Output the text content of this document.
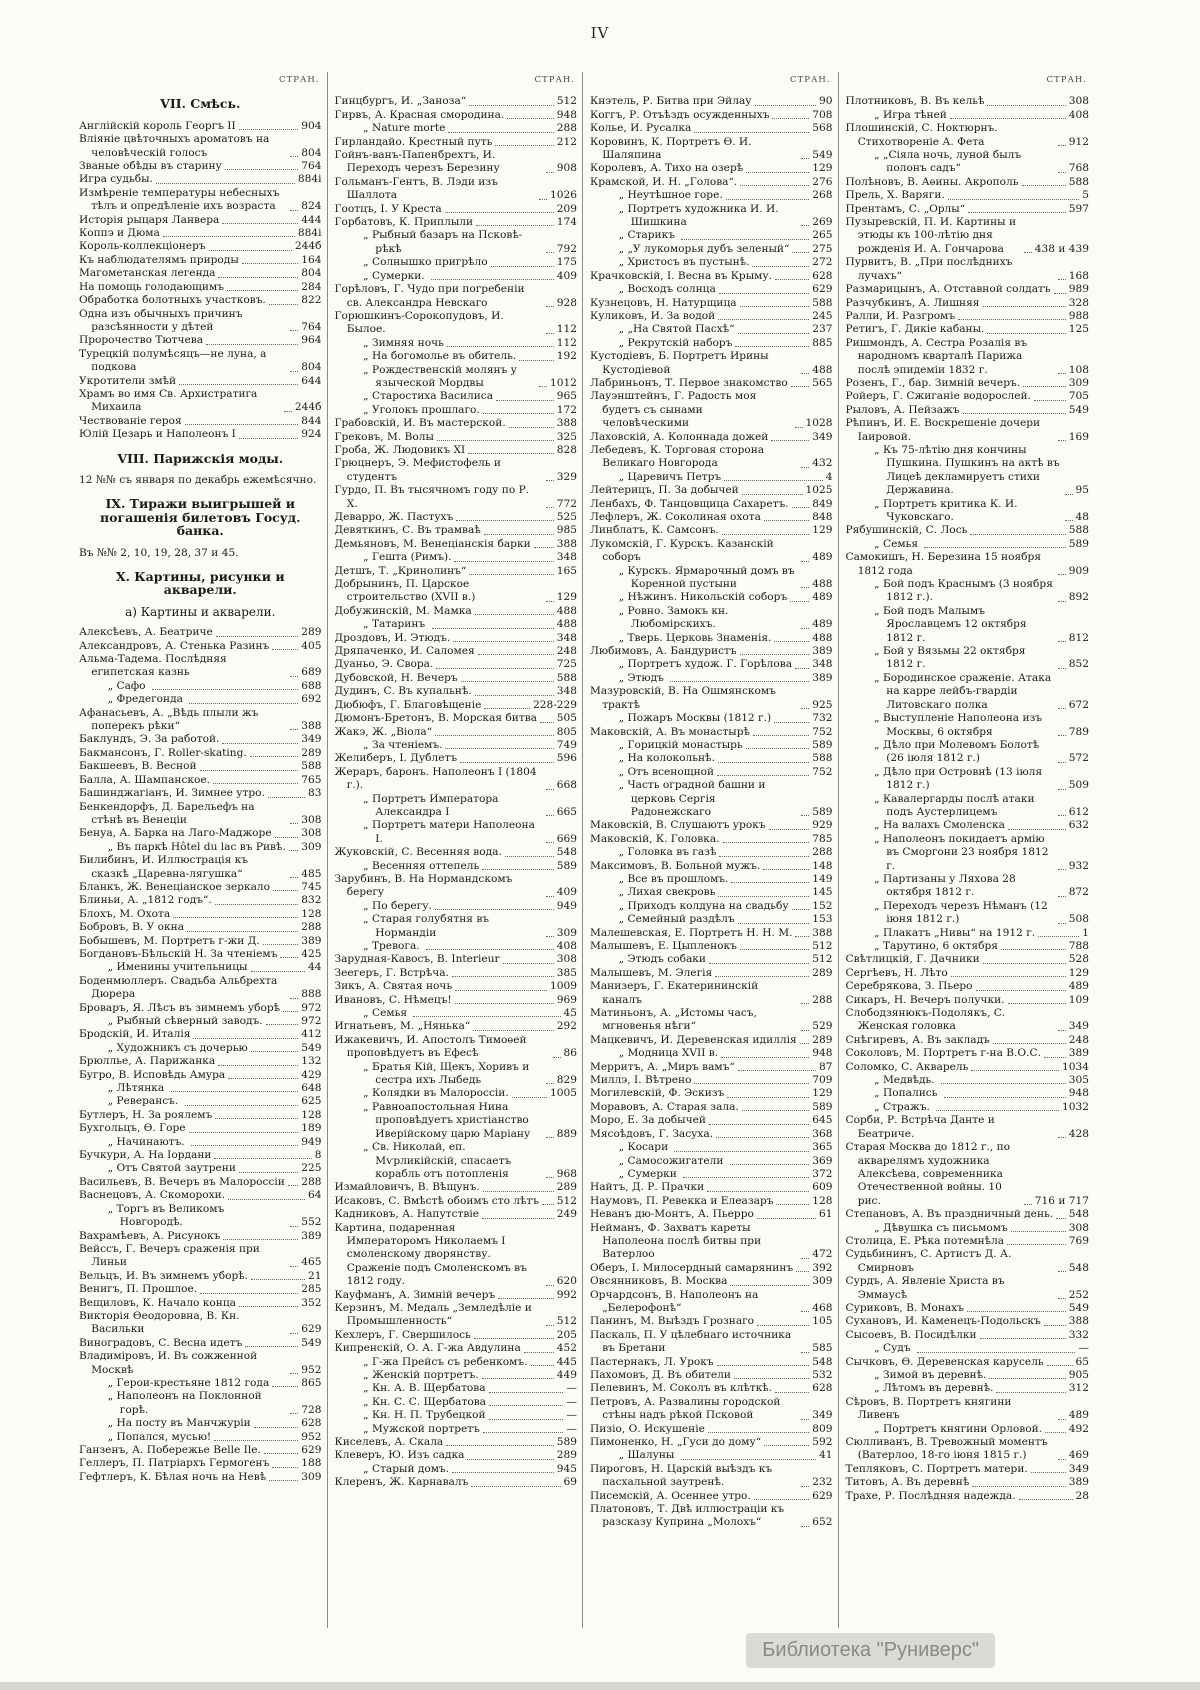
IV
СТРАН.
VII. Смѣсь.
Англійскій король Георгъ II	904
Вліяніе цвѣточныхъ ароматовъ на человѣческій голосъ	804
Званые обѣды въ старину	764
Игра судьбы.	884і
Измѣреніе температуры небесныхъ тѣлъ и опредѣленіе ихъ возраста	824
Исторія рыцаря Ланвера	444
Коппэ и Дюма	884і
Король-коллекціонеръ	244б
Къ наблюдателямъ природы	164
Магометанская легенда	804
На помощь голодающимъ	284
Обработка болотныхъ участковъ.	822
Одна изъ обычныхъ причинъ разсѣянности у дѣтей	764
Пророчество Тютчева	964
Турецкій полумѣсяцъ—не луна, а подкова	804
Укротители змѣй	644
Храмъ во имя Св. Архистратига Михаила	244б
Чествованіе героя	844
Юлій Цезарь и Наполеонъ I	924
VIII. Парижскія моды.
12 №№ съ января по декабрь ежемѣсячно.
IX. Тиражи выигрышей и погашенія билетовъ Госуд. банка.
Въ №№ 2, 10, 19, 28, 37 и 45.
X. Картины, рисунки и акварели.
а) Картины и акварели.
Алексѣевъ, А. Беатриче	289
Александровъ, А. Стенька Разинъ	405
Альма-Тадема. Послѣдняя египетская казнь	689
„ Сафо	688
„ Фредегонда	692
Афанасьевъ, А. „Вѣдь плыли жъ поперекъ рѣки“	388
Баклундъ, Э. За работой.	349
Бакмансонъ, Г. Roller-skating.	289
Бакшеевъ, В. Весной	588
Балла, А. Шампанское.	765
Башинджагіанъ, И. Зимнее утро.	83
Бенкендорфъ, Д. Барельефъ на стѣнѣ въ Венеціи	308
Бенуа, А. Барка на Лаго-Маджоре	308
„ Въ паркѣ Hôtel du lac въ Ривѣ. 309
Билибинъ, И. Иллюстрація къ сказкѣ „Царевна-лягушка“	485
Бланкъ, Ж. Венеціанское зеркало	745
Блиньи, А. „1812 годъ“.	832
Блохъ, М. Охота	128
Бобровъ, В. У окна	288
Бобышевъ, М. Портретъ г-жи Д.	389
Богдановъ-Бѣльскій Н. За чтеніемъ 425
„ Именины учительницы	44
Боденмюллеръ. Свадьба Альбрехта Дюрера	888
Броваръ, Я. Лѣсъ въ зимнемъ уборѣ 972
„ Рыбный сѣверный заводъ.	972
Бродскій, И. Италія	412
„ Художникъ съ дочерью	549
Брюллье, А. Парижанка	132
Бугро, В. Исповѣдь Амура	429
„ Лѣтянка	648
„ Реверансъ.	625
Бутлеръ, Н. За роялемъ	128
Бухгольцъ, Ѳ. Горе	189
„ Начинаютъ.	949
Бучкури, А. На Іордани	8
„ Отъ Святой заутрени	225
Васильевъ, В. Вечеръ въ Малороссіи 288
Васнецовъ, А. Скоморохи.	64
„ Торгъ въ Великомъ Новгородѣ.	552
Вахрамѣевъ, А. Рисунокъ	389
Вейссъ, Г. Вечеръ сраженія при Линьи	465
Вельцъ, И. Въ зимнемъ уборѣ.	21
Венигъ, П. Прошлое.	285
Вещиловъ, К. Начало конца	352
Викторія Ѳеодоровна, В. Кн. Васильки	629
Виноградовъ, С. Весна идетъ	549
Владиміровъ, И. Въ сожженной Москвѣ	952
„ Герои-крестьяне 1812 года	865
„ Наполеонъ на Поклонной горѣ.	728
„ На посту въ Манчжуріи	628
„ Попался, мусью!	952
Ганзенъ, А. Побережье Belle Ile.	629
Геллеръ, П. Патріархъ Гермогенъ	188
Гефтлеръ, К. Бѣлая ночь на Невѣ	309
СТРАН.
Гинцбургъ, И. „Заноза“	512
Гирвъ, А. Красная смородина.	948
„ Nature morte	288
Гирландайо. Крестный путь	212
Гойнъ-ванъ-Папенбрехтъ, И. Переходъ черезъ Березину	908
Гольманъ-Гентъ, В. Лэди изъ Шаллота	1026
Гоотцъ, I. У Креста	209
Горбатовъ, К. Приплыли	174
„ Рыбный базаръ на Псковѣ-рѣкѣ	792
„ Солнышко пригрѣло	175
„ Сумерки.	409
Горѣловъ, Г. Чудо при погребеніи св. Александра Невскаго	928
Горюшкинъ-Сорокопудовъ, И. Былое.	112
„ Зимняя ночь	112
„ На богомолье въ обитель.	192
„ Рождественскій молянъ у языческой Мордвы	1012
„ Старостиха Василиса	965
„ Уголокъ прошлаго.	172
Грабовскій, И. Въ мастерской.	388
Грековъ, М. Волы	325
Гроба, Ж. Людовикъ XI	828
Грюцнеръ, Э. Мефистофель и студентъ	329
Гурдо, П. Въ тысячномъ году по Р. X.	772
Деварро, Ж. Пастухъ	525
Девяткинъ, С. Въ трамваѣ	985
Демьяновъ, М. Венеціанскія барки 388
„ Гешта (Римъ).	348
Детшъ, Т. „Кринолинъ“	165
Добрынинъ, П. Царское строительство (XVII в.)	129
Добужинскій, М. Мамка	488
„ Татаринъ	488
Дроздовъ, И. Этюдъ.	348
Дряпаченко, И. Саломея	248
Дуаньо, Э. Свора.	725
Дубовской, Н. Вечеръ	588
Дудинъ, С. Въ купальнѣ.	348
Дюбюфъ, Г. Благовѣщеніе	228-229
Дюмонъ-Бретонъ, В. Морская битва 505
Жакэ, Ж. „Віола“	805
„ За чтеніемъ.	749
Желиберъ, I. Дублетъ	596
Жераръ, баронъ. Наполеонъ I (1804 г.).	668
„ Портретъ Императора Александра I	665
„ Портретъ матери Наполеона I.	669
Жуковскій, С. Весенняя вода.	548
„ Весенняя оттепель	589
Зарубинъ, В. На Нормандскомъ берегу	409
„ По берегу.	949
„ Старая голубятня въ Нормандіи	309
„ Тревога.	408
Зарудная-Кавосъ, В. Interieur	308
Зеегеръ, Г. Встрѣча.	385
Зикъ, А. Святая ночь	1009
Ивановъ, С. Нѣмецъ!	969
„ Семья	45
Игнатьевъ, М. „Нянька“	292
Ижакевичъ, И. Апостолъ Тимоѳей проповѣдуетъ въ Ефесѣ	86
„ Братья Кій, Щекъ, Хоривъ и сестра ихъ Лыбедь	829
„ Колядки въ Малороссіи.	1005
„ Равноапостольная Нина проповѣдуетъ христіанство Иверійскому царю Маріану	889
„ Св. Николай, еп. Мѵрликійскій, спасаетъ корабль отъ потопленія	968
Измайловичъ, В. Вѣщунъ.	289
Исаковъ, С. Вмѣстѣ обоимъ сто лѣтъ 512
Кадниковъ, А. Напутствіе	249
Картина, подаренная Императоромъ Николаемъ I смоленскому дворянству. Сраженіе подъ Смоленскомъ въ 1812 году.	620
Кауфманъ, А. Зимній вечеръ	992
Керзинъ, М. Медаль „Земледѣліе и Промышленность“	512
Кехлеръ, Г. Свершилось	205
Кипренскій, О. А. Г-жа Авдулина	452
„ Г-жа Прейсъ съ ребенкомъ.	445
„ Женскій портретъ.	449
„ Кн. А. В. Щербатова	—
„ Кн. С. С. Щербатова	—
„ Кн. Н. П. Трубецкой	—
„ Мужской портретъ	—
Киселевъ, А. Скала	589
Клеверъ, Ю. Изъ садка	289
„ Старый домъ.	945
Клеренъ, Ж. Карнавалъ	69
СТРАН.
Кнэтель, Р. Битва при Эйлау	90
Коггъ, Р. Отъѣздъ осужденныхъ	708
Колье, И. Русалка	568
Коровинъ, К. Портретъ Ѳ. И. Шаляпина	549
Королевъ, А. Тихо на озерѣ	129
Крамской, И. Н. „Голова“.	276
„ Неутѣшное горе.	268
„ Портретъ художника И. И. Шишкина	269
„ Старикъ	265
„ „У лукоморья дубъ зеленый“ 275
„ Христосъ въ пустынѣ.	272
Крачковскій, I. Весна въ Крыму.	628
„ Восходъ солнца	629
Кузнецовъ, Н. Натурщица	588
Куликовъ, И. За водой	245
„ „На Святой Пасхѣ“	237
„ Рекрутскій наборъ	885
Кустодіевъ, Б. Портретъ Ирины Кустодіевой	488
Лабриньонъ, Т. Первое знакомство 565
Лауэнштейнъ, Г. Радость моя будетъ съ сынами человѣческими	1028
Лаховскій, А. Колоннада дожей	349
Лебедевъ, К. Торговая сторона Великаго Новгорода	432
„ Царевичъ Петръ	4
Лейтерицъ, П. За добычей	1025
Ленбахъ, Ф. Танцовщица Сахаретъ. 849
Лефлеръ, Ж. Соколиная охота	848
Линблатъ, К. Самсонъ.	129
Лукомскій, Г. Курскъ. Казанскій соборъ	489
„ Курскъ. Ярмарочный домъ въ Коренной пустыни	488
„ Нѣжинъ. Никольскій соборъ 489
„ Ровно. Замокъ кн. Любомірскихъ.	489
„ Тверь. Церковь Знаменія.	488
Любимовъ, А. Бандуристъ	389
„ Портретъ худож. Г. Горѣлова 348
„ Этюдъ	389
Мазуровскій, В. На Ошмянскомъ трактѣ	925
„ Пожаръ Москвы (1812 г.)	732
Маковскій, А. Въ монастырѣ	752
„ Горицкій монастырь	589
„ На колокольнѣ.	588
„ Отъ всенощной	752
„ Часть оградной башни и церковь Сергія Радонежскаго	589
Маковскій, В. Слушаютъ урокъ	929
Маковскій, К. Головка.	785
„ Головка въ газѣ	288
Максимовъ, В. Больной мужъ.	148
„ Все въ прошломъ.	149
„ Лихая свекровь	145
„ Приходъ колдуна на свадьбу 152
„ Семейный раздѣлъ	153
Малешевская, Е. Портретъ Н. Н. М. 388
Малышевъ, Е. Цыпленокъ	512
„ Этюдъ собаки	512
Малышевъ, М. Элегія	289
Манизеръ, Г. Екатерининскій каналъ	288
Матиньонъ, А. „Истомы часъ, мгновенья нѣги“	529
Мацкевичъ, И. Деревенская идиллія 289
„ Модница XVII в.	948
Мерритъ, А. „Миръ вамъ“	87
Миллэ, I. Вѣтрено	709
Могилевскій, Ф. Эскизъ	129
Моравовъ, А. Старая зала.	589
Моро, Е. За добычей	645
Мясоѣдовъ, Г. Засуха.	368
„ Косари	365
„ Самосожигатели	369
„ Сумерки	372
Найтъ, Д. Р. Прачки	609
Наумовъ, П. Ревекка и Елеазаръ	128
Неванъ дю-Монтъ, А. Пьерро	61
Нейманъ, Ф. Захватъ кареты Наполеона послѣ битвы при Ватерлоо	472
Оберъ, I. Милосердный самарянинъ 392
Овсянниковъ, В. Москва	309
Орчардсонъ, В. Наполеонъ на „Белерофонѣ“	468
Панинъ, М. Выѣздъ Грознаго	105
Паскаль, П. У цѣлебнаго источника въ Бретани	585
Пастернакъ, Л. Урокъ	548
Пахомовъ, Д. Въ обители	532
Пелевинъ, М. Соколъ въ клѣткѣ.	628
Петровъ, А. Развалины городской стѣны надъ рѣкой Псковой	349
Пизіо, О. Искушеніе	809
Пимоненко, Н. „Гуси до дому“	592
„ Шалуны	41
Пироговъ, Н. Царскій выѣздъ къ пасхальной заутренѣ.	232
Писемскій, А. Осеннее утро.	629
Платоновъ, Т. Двѣ иллюстраціи къ разсказу Куприна „Молохъ“	652
СТРАН.
Плотниковъ, В. Въ кельѣ	308
„ Игра тѣней	408
Плошинскій, С. Ноктюрнъ. Стихотвореніе А. Фета	912
„ „Сіяла ночь, луной былъ полонъ садъ“	768
Полѣновъ, В. Аѳины. Акрополь	588
Прель, Х. Варяги.	5
Прентамъ, С. „Орлы“	597
Пузыревскій, П. И. Картины и этюды къ 100-лѣтію дня рожденія И. А. Гончарова	438 и 439
Пурвитъ, В. „При послѣднихъ лучахъ“	168
Размарицынъ, А. Отставной солдатъ 989
Разчубкинъ, А. Лишняя	328
Ралли, И. Разгромъ	988
Ретигъ, Г. Дикіе кабаны.	125
Ришмондъ, А. Сестра Розалія въ народномъ кварталѣ Парижа послѣ эпидеміи 1832 г.	108
Розенъ, Г., бар. Зимній вечеръ.	309
Ройеръ, Г. Сжиганіе водорослей.	705
Рыловъ, А. Пейзажъ	549
Рѣпинъ, И. Е. Воскрешеніе дочери Іаировой.	169
„ Къ 75-лѣтію дня кончины Пушкина. Пушкинъ на актѣ въ Лицеѣ декламируетъ стихи Державина.	95
„ Портретъ критика К. И. Чуковскаго.	48
Рябушинскій, С. Лось	588
„ Семья	589
Самокишъ, Н. Березина 15 ноября 1812 года	909
„ Бой подъ Краснымъ (3 ноября 1812 г.).	892
„ Бой подъ Малымъ Ярославцемъ 12 октября 1812 г.	812
„ Бой у Вязьмы 22 октября 1812 г.	852
„ Бородинское сраженіе. Атака на карре лейбъ-гвардіи Литовскаго полка	672
„ Выступленіе Наполеона изъ Москвы, 6 октября	789
„ Дѣло при Молевомъ Болотѣ (26 іюля 1812 г.)	572
„ Дѣло при Островнѣ (13 іюля 1812 г.)	509
„ Кавалергарды послѣ атаки подъ Аустерлицемъ	612
„ На валахъ Смоленска	632
„ Наполеонъ покидаетъ армію въ Сморгони 23 ноября 1812 г.	932
„ Партизаны у Ляхова 28 октября 1812 г.	872
„ Переходъ черезъ Нѣманъ (12 іюня 1812 г.)	508
„ Плакатъ „Нивы“ на 1912 г.	1
„ Тарутино, 6 октября	788
Свѣтлицкій, Г. Дачники	528
Сергѣевъ, Н. Лѣто	129
Серебрякова, З. Пьеро	489
Сикаръ, Н. Вечеръ получки.	109
Слободзянюкъ-Подолякъ, С. Женская головка	349
Снѣгиревъ, А. Въ закладъ	248
Соколовъ, М. Портретъ г-на В.О.С.	389
Соломко, С. Акварель	1034
„ Медвѣдь.	305
„ Попались	948
„ Стражъ.	1032
Сорби, Р. Встрѣча Данте и Беатриче.	428
Старая Москва до 1812 г., по акварелямъ художника Алексѣева, современника Отечественной войны. 10 рис.	716 и 717
Степановъ, А. Въ праздничный день. 548
„ Дѣвушка съ письмомъ	308
Столица, Е. Рѣка потемнѣла	769
Судьбининъ, С. Артистъ Д. А. Смирновъ	548
Сурдъ, А. Явленіе Христа въ Эммаусѣ	252
Суриковъ, В. Монахъ	549
Сухановъ, И. Каменецъ-Подольскъ	388
Сысоевъ, В. Посидѣлки	332
„ Судъ	—
Сычковъ, Ѳ. Деревенская карусель	65
„ Зимой въ деревнѣ.	905
„ Лѣтомъ въ деревнѣ.	312
Сѣровъ, В. Портретъ княгини Ливенъ	489
„ Портретъ княгини Орловой.	492
Сюлливанъ, В. Тревожный моментъ (Ватерлоо, 18-го іюня 1815 г.)	469
Тепляковъ, С. Портретъ матери.	349
Титовъ, А. Въ деревнѣ	389
Трахе, Р. Послѣдняя надежда.	28
Библиотека "Руниверс"
